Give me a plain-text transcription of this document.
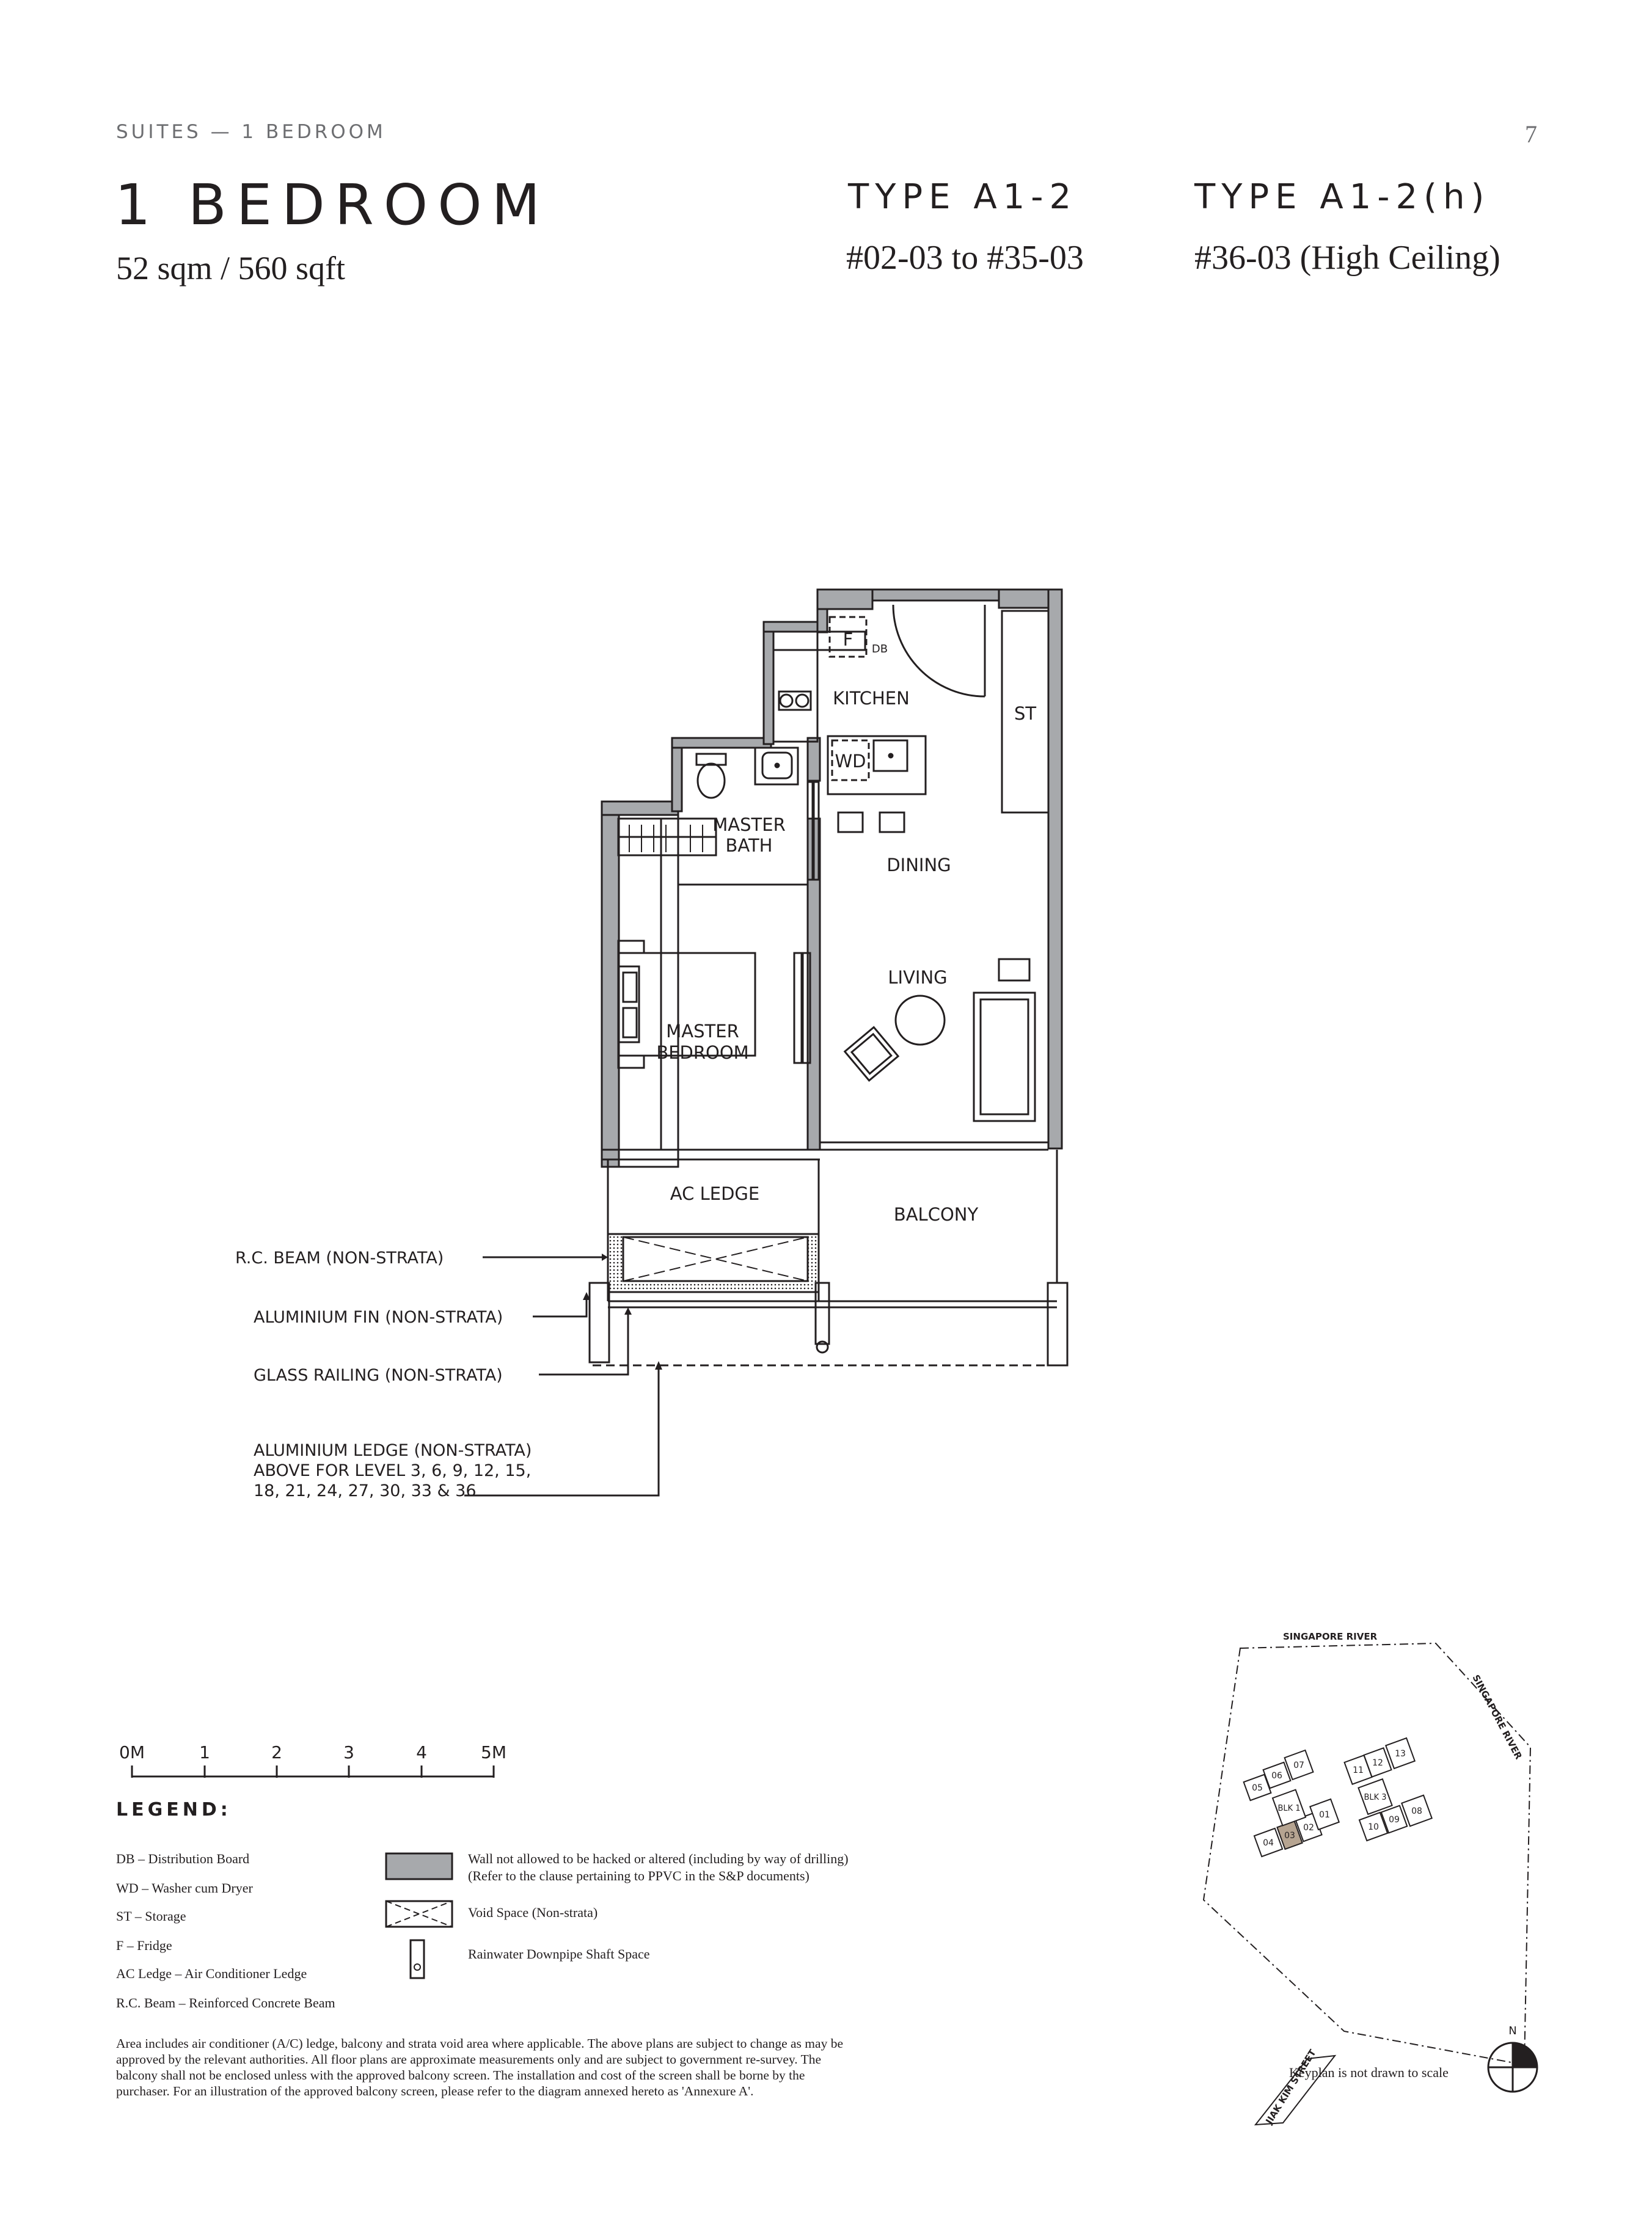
SUITES — 1 BEDROOM	7
1 BEDROOM
52 sqm / 560 sqft
TYPE A1-2
#02-03 to #35-03
TYPE A1-2(h)
#36-03 (High Ceiling)
KITCHEN
ST
F DB
WD
MASTER
BATH
DINING
LIVING
MASTER
BEDROOM
AC LEDGE
BALCONY
R.C. BEAM (NON-STRATA)
ALUMINIUM FIN (NON-STRATA)
GLASS RAILING (NON-STRATA)
ALUMINIUM LEDGE (NON-STRATA)
ABOVE FOR LEVEL 3, 6, 9, 12, 15,
18, 21, 24, 27, 30, 33 & 36
0M	1	2	3	4	5M
SINGAPORE RIVER
SINGAPORE RIVER
JIAK KIM STREET
05
06
07
04
03
02
01
11
12
13
10
09
08
BLK 1
BLK 3
N
LEGEND:
DB – Distribution Board
WD – Washer cum Dryer
ST – Storage
F – Fridge
AC Ledge – Air Conditioner Ledge
R.C. Beam – Reinforced Concrete Beam
Wall not allowed to be hacked or altered (including by way of drilling)
(Refer to the clause pertaining to PPVC in the S&P documents)
Void Space (Non-strata)
Rainwater Downpipe Shaft Space
Area includes air conditioner (A/C) ledge, balcony and strata void area where applicable. The above plans are subject to change as may be approved by the relevant authorities. All floor plans are approximate measurements only and are subject to government re-survey. The balcony shall not be enclosed unless with the approved balcony screen. The installation and cost of the screen shall be borne by the purchaser. For an illustration of the approved balcony screen, please refer to the diagram annexed hereto as 'Annexure A'.
Keyplan is not drawn to scale
